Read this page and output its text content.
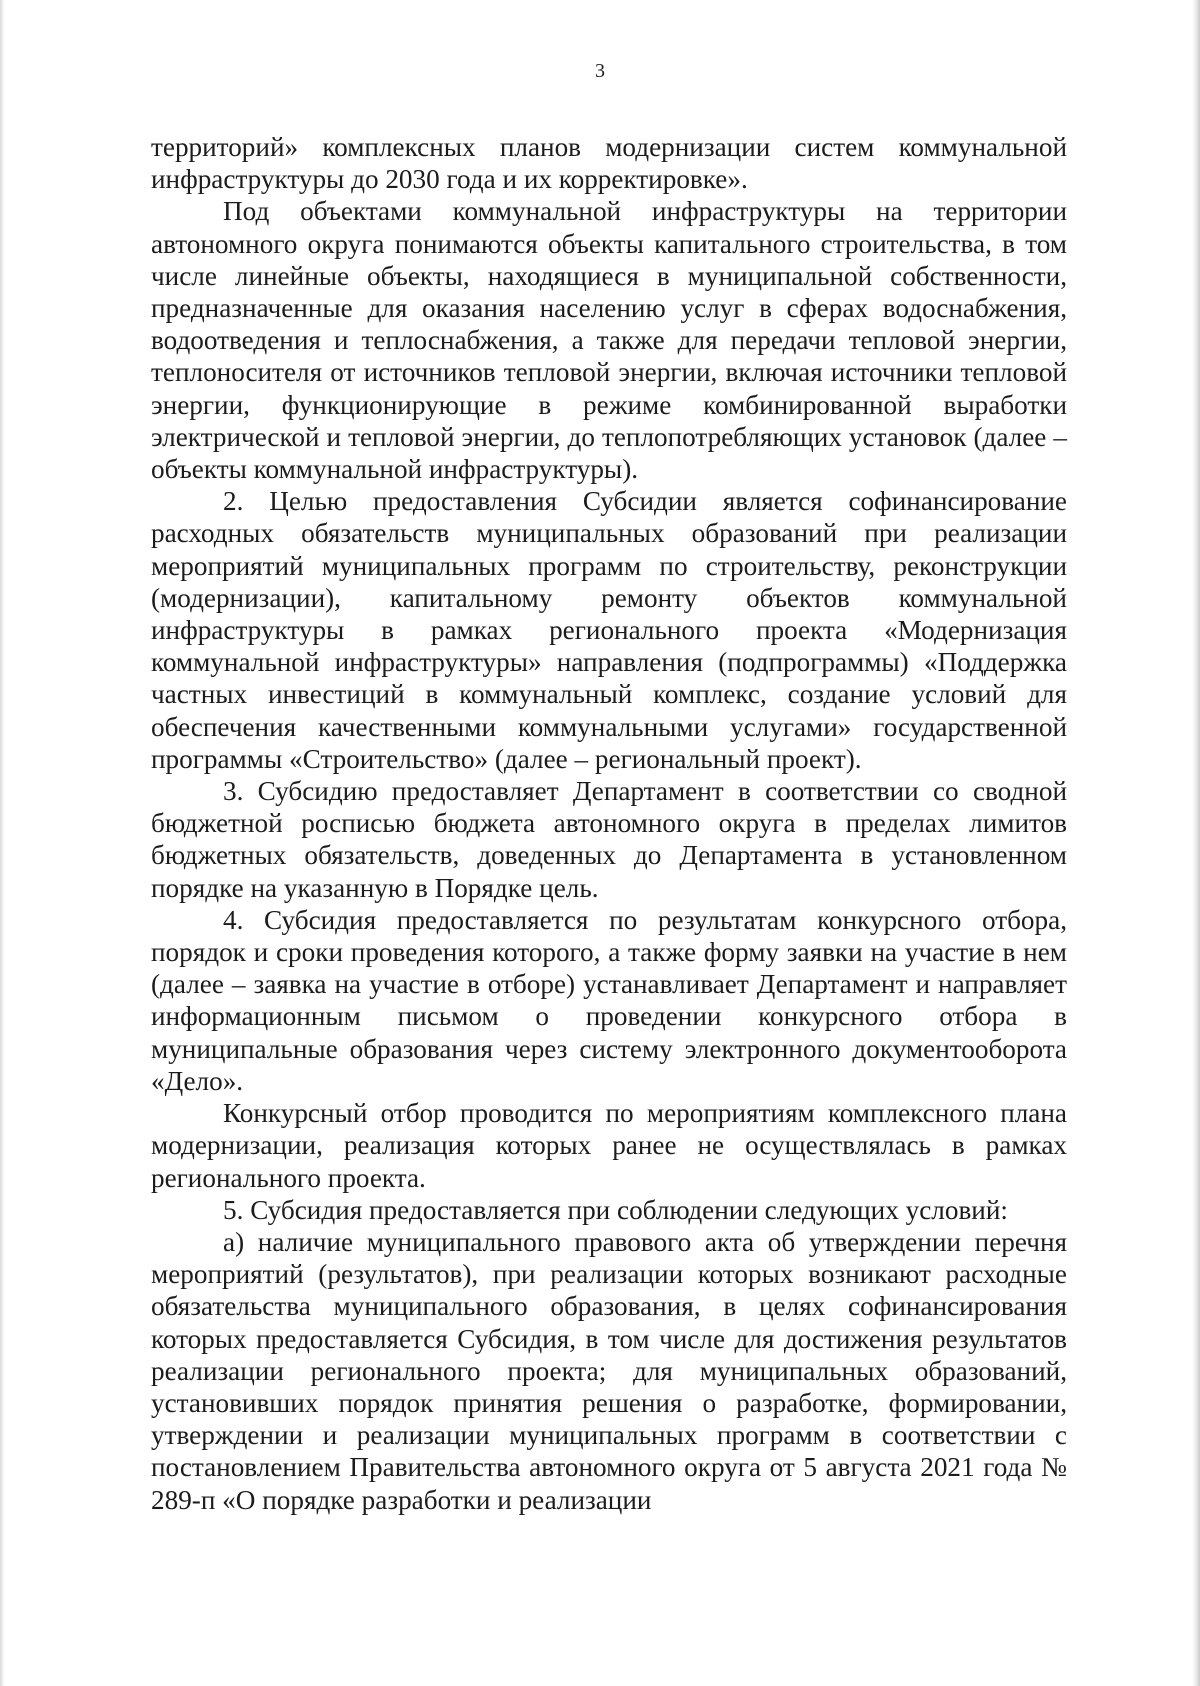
3

территорий» комплексных планов модернизации систем коммунальной инфраструктуры до 2030 года и их корректировке».

Под объектами коммунальной инфраструктуры на территории автономного округа понимаются объекты капитального строительства, в том числе линейные объекты, находящиеся в муниципальной собственности, предназначенные для оказания населению услуг в сферах водоснабжения, водоотведения и теплоснабжения, а также для передачи тепловой энергии, теплоносителя от источников тепловой энергии, включая источники тепловой энергии, функционирующие в режиме комбинированной выработки электрической и тепловой энергии, до теплопотребляющих установок (далее – объекты коммунальной инфраструктуры).

2. Целью предоставления Субсидии является софинансирование расходных обязательств муниципальных образований при реализации мероприятий муниципальных программ по строительству, реконструкции (модернизации), капитальному ремонту объектов коммунальной инфраструктуры в рамках регионального проекта «Модернизация коммунальной инфраструктуры» направления (подпрограммы) «Поддержка частных инвестиций в коммунальный комплекс, создание условий для обеспечения качественными коммунальными услугами» государственной программы «Строительство» (далее – региональный проект).

3. Субсидию предоставляет Департамент в соответствии со сводной бюджетной росписью бюджета автономного округа в пределах лимитов бюджетных обязательств, доведенных до Департамента в установленном порядке на указанную в Порядке цель.

4. Субсидия предоставляется по результатам конкурсного отбора, порядок и сроки проведения которого, а также форму заявки на участие в нем (далее – заявка на участие в отборе) устанавливает Департамент и направляет информационным письмом о проведении конкурсного отбора в муниципальные образования через систему электронного документооборота «Дело».

Конкурсный отбор проводится по мероприятиям комплексного плана модернизации, реализация которых ранее не осуществлялась в рамках регионального проекта.

5. Субсидия предоставляется при соблюдении следующих условий:

а) наличие муниципального правового акта об утверждении перечня мероприятий (результатов), при реализации которых возникают расходные обязательства муниципального образования, в целях софинансирования которых предоставляется Субсидия, в том числе для достижения результатов реализации регионального проекта; для муниципальных образований, установивших порядок принятия решения о разработке, формировании, утверждении и реализации муниципальных программ в соответствии с постановлением Правительства автономного округа от 5 августа 2021 года № 289-п «О порядке разработки и реализации
